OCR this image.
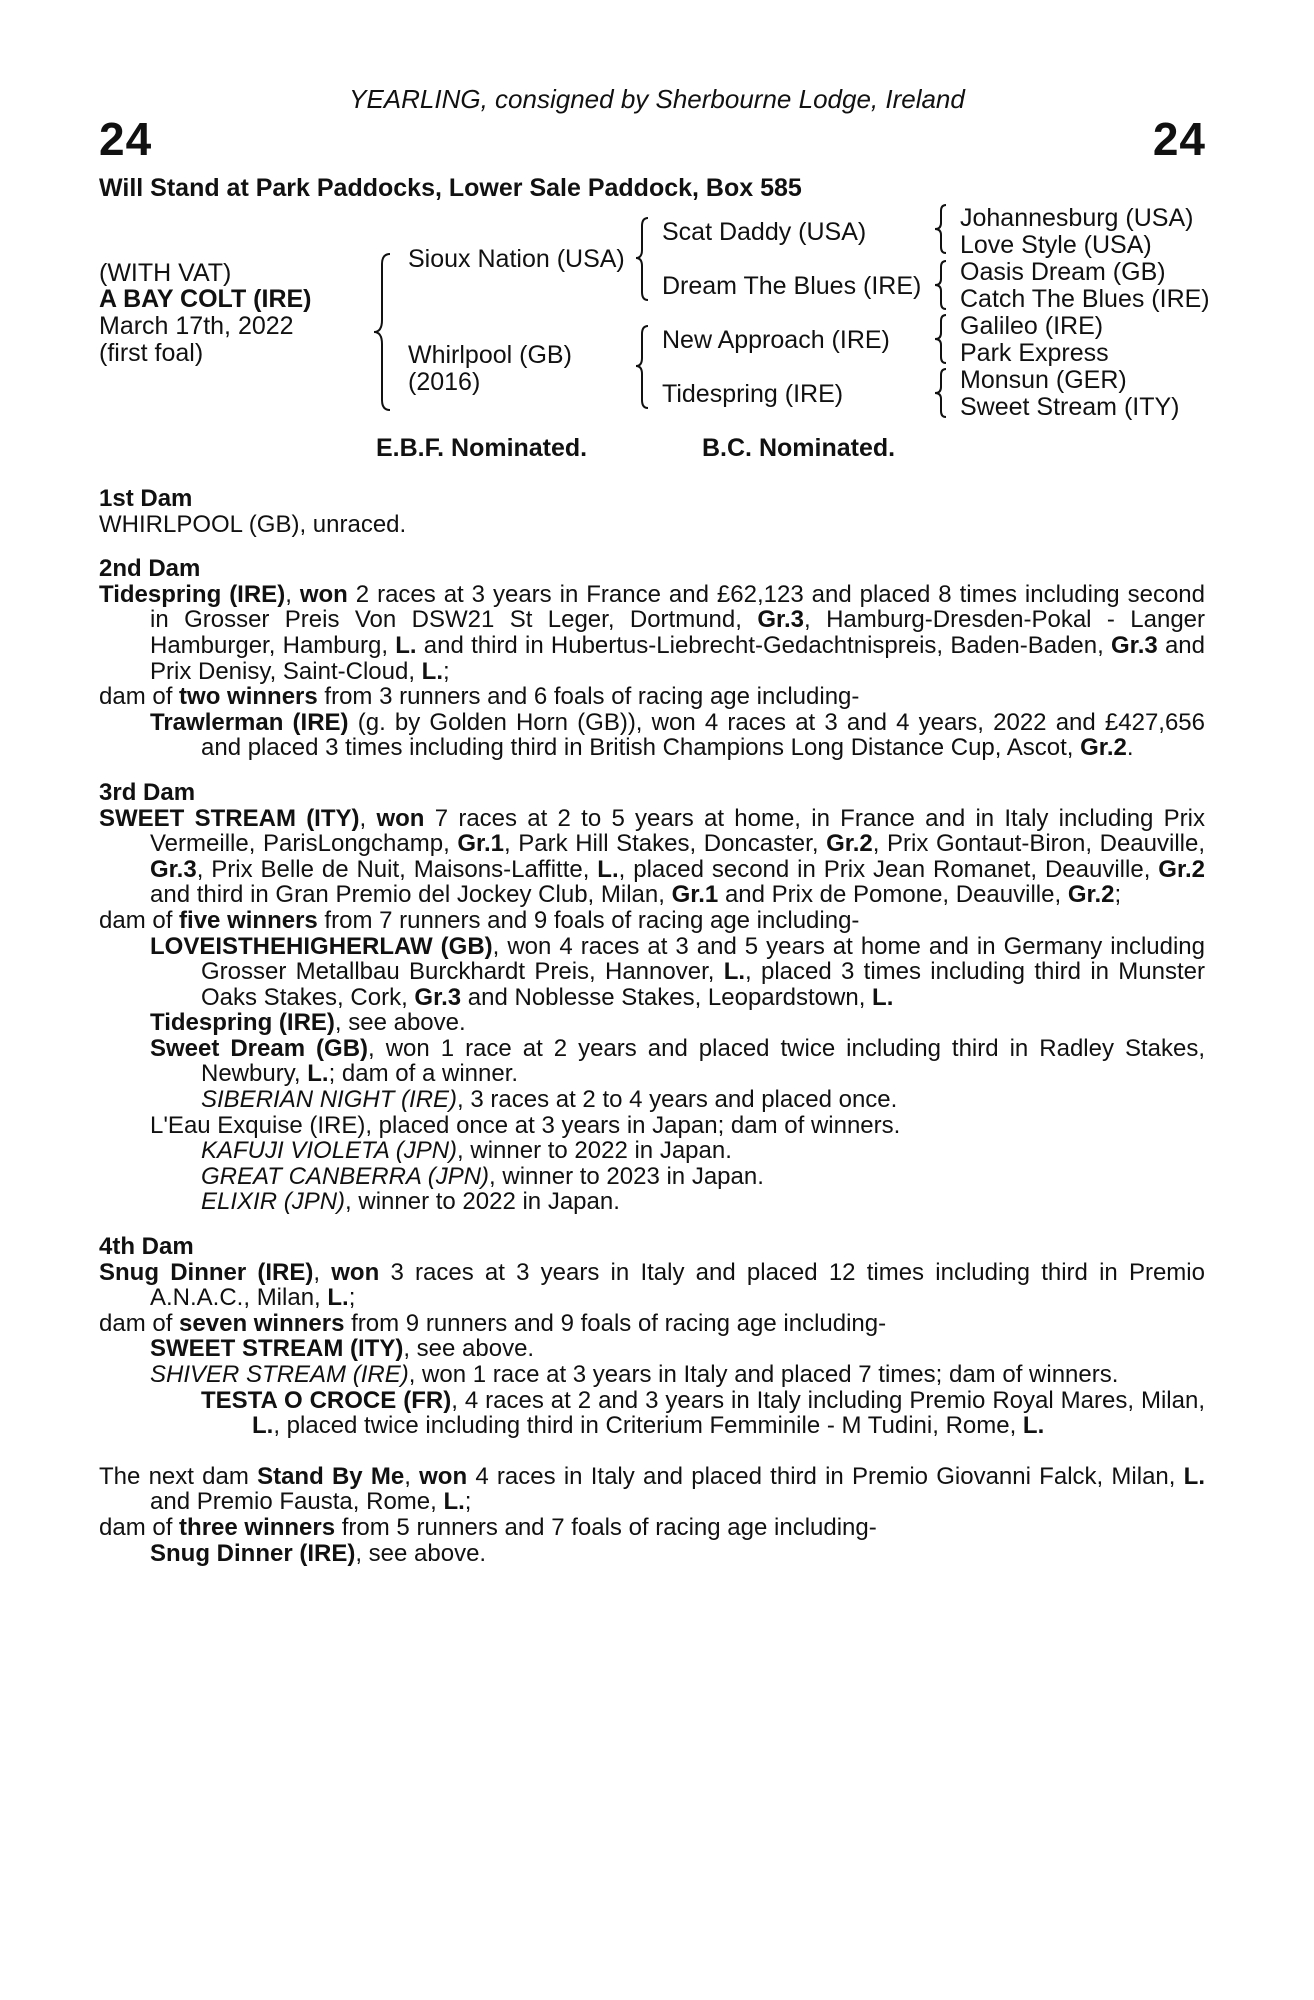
YEARLING, consigned by Sherbourne Lodge, Ireland
24	24
Will Stand at Park Paddocks, Lower Sale Paddock, Box 585
(WITH VAT)
A BAY COLT (IRE)
March 17th, 2022
(first foal)
Sioux Nation (USA)
Whirlpool (GB)
(2016)
Scat Daddy (USA)
Dream The Blues (IRE)
New Approach (IRE)
Tidespring (IRE)
Johannesburg (USA)
Love Style (USA)
Oasis Dream (GB)
Catch The Blues (IRE)
Galileo (IRE)
Park Express
Monsun (GER)
Sweet Stream (ITY)
E.B.F. Nominated.	B.C. Nominated.
1st Dam

WHIRLPOOL (GB), unraced.

2nd Dam

Tidespring (IRE), won 2 races at 3 years in France and £62,123 and placed 8 times including second in Grosser Preis Von DSW21 St Leger, Dortmund, Gr.3, Hamburg-Dresden-Pokal - Langer Hamburger, Hamburg, L. and third in Hubertus-Liebrecht-Gedachtnispreis, Baden-Baden, Gr.3 and Prix Denisy, Saint-Cloud, L.;

dam of two winners from 3 runners and 6 foals of racing age including-

Trawlerman (IRE) (g. by Golden Horn (GB)), won 4 races at 3 and 4 years, 2022 and £427,656 and placed 3 times including third in British Champions Long Distance Cup, Ascot, Gr.2.

3rd Dam

SWEET STREAM (ITY), won 7 races at 2 to 5 years at home, in France and in Italy including Prix Vermeille, ParisLongchamp, Gr.1, Park Hill Stakes, Doncaster, Gr.2, Prix Gontaut-Biron, Deauville, Gr.3, Prix Belle de Nuit, Maisons-Laffitte, L., placed second in Prix Jean Romanet, Deauville, Gr.2 and third in Gran Premio del Jockey Club, Milan, Gr.1 and Prix de Pomone, Deauville, Gr.2;

dam of five winners from 7 runners and 9 foals of racing age including-

LOVEISTHEHIGHERLAW (GB), won 4 races at 3 and 5 years at home and in Germany including Grosser Metallbau Burckhardt Preis, Hannover, L., placed 3 times including third in Munster Oaks Stakes, Cork, Gr.3 and Noblesse Stakes, Leopardstown, L.

Tidespring (IRE), see above.

Sweet Dream (GB), won 1 race at 2 years and placed twice including third in Radley Stakes, Newbury, L.; dam of a winner.

SIBERIAN NIGHT (IRE), 3 races at 2 to 4 years and placed once.

L'Eau Exquise (IRE), placed once at 3 years in Japan; dam of winners.

KAFUJI VIOLETA (JPN), winner to 2022 in Japan.

GREAT CANBERRA (JPN), winner to 2023 in Japan.

ELIXIR (JPN), winner to 2022 in Japan.

4th Dam

Snug Dinner (IRE), won 3 races at 3 years in Italy and placed 12 times including third in Premio A.N.A.C., Milan, L.;

dam of seven winners from 9 runners and 9 foals of racing age including-

SWEET STREAM (ITY), see above.

SHIVER STREAM (IRE), won 1 race at 3 years in Italy and placed 7 times; dam of winners.

TESTA O CROCE (FR), 4 races at 2 and 3 years in Italy including Premio Royal Mares, Milan, L., placed twice including third in Criterium Femminile - M Tudini, Rome, L.

The next dam Stand By Me, won 4 races in Italy and placed third in Premio Giovanni Falck, Milan, L. and Premio Fausta, Rome, L.;

dam of three winners from 5 runners and 7 foals of racing age including-

Snug Dinner (IRE), see above.
